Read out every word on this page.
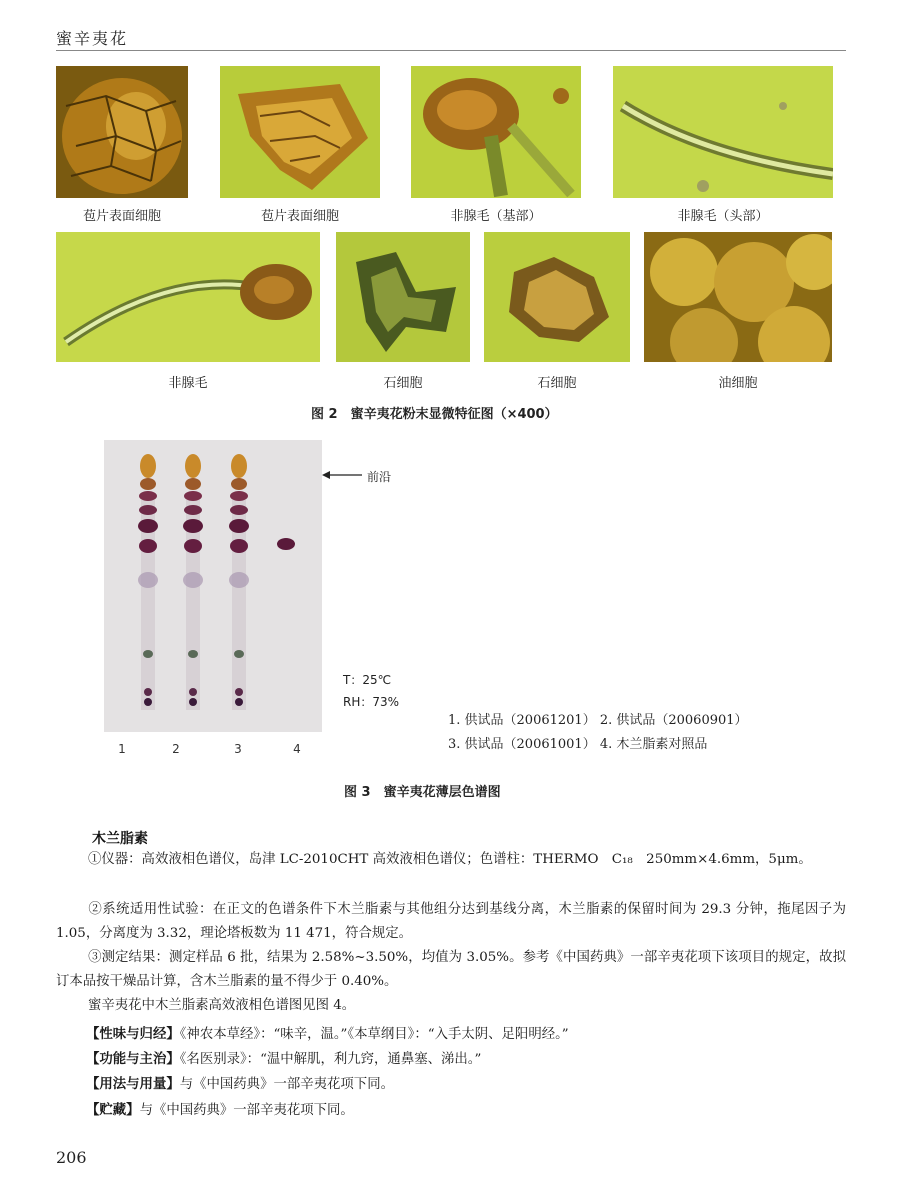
蜜辛夷花
苞片表面细胞	苞片表面细胞	非腺毛（基部）	非腺毛（头部）
非腺毛	石细胞	石细胞	油细胞
图 2　蜜辛夷花粉末显微特征图（×400）
前沿
1	2	3	4
T：25℃
RH：73%
1. 供试品（20061201） 2. 供试品（20060901）
3. 供试品（20061001） 4. 木兰脂素对照品
图 3　蜜辛夷花薄层色谱图
木兰脂素
①仪器：高效液相色谱仪，岛津 LC-2010CHT 高效液相色谱仪；色谱柱：THERMO　C₁₈　250mm×4.6mm，5μm。
②系统适用性试验：在正文的色谱条件下木兰脂素与其他组分达到基线分离，木兰脂素的保留时间为 29.3 分钟，拖尾因子为 1.05，分离度为 3.32，理论塔板数为 11 471，符合规定。
③测定结果：测定样品 6 批，结果为 2.58%~3.50%，均值为 3.05%。参考《中国药典》一部辛夷花项下该项目的规定，故拟订本品按干燥品计算，含木兰脂素的量不得少于 0.40%。
蜜辛夷花中木兰脂素高效液相色谱图见图 4。
【性味与归经】《神农本草经》：“味辛，温。”《本草纲目》：“入手太阴、足阳明经。”
【功能与主治】《名医别录》：“温中解肌，利九窍，通鼻塞、涕出。”
【用法与用量】与《中国药典》一部辛夷花项下同。
【贮藏】与《中国药典》一部辛夷花项下同。
206
